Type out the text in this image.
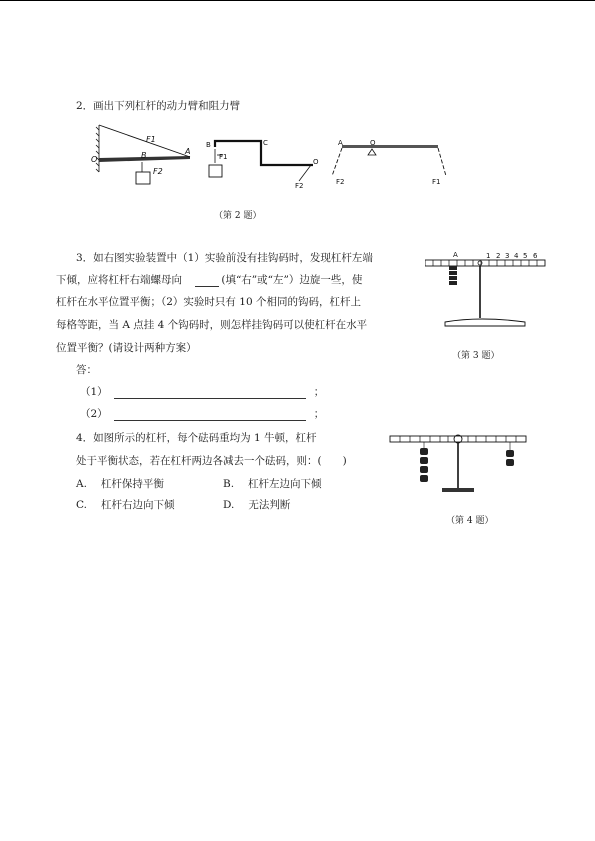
2．画出下列杠杆的动力臂和阻力臂
O
F1
A
B
F2
B
F1
C
O
F2
A	O
F2	F1
（第 2 题）
3．如右图实验装置中（1）实验前没有挂钩码时，发现杠杆左端
下倾，应将杠杆右端螺母向	(填“右”或“左”）边旋一些，使
杠杆在水平位置平衡；（2）实验时只有 10 个相同的钩码，杠杆上
每格等距，当 A 点挂 4 个钩码时，则怎样挂钩码可以使杠杆在水平
位置平衡？(请设计两种方案）
答：
（1）	；
（2）	；
A	1 2 3 4 5 6
（第 3 题）
4．如图所示的杠杆，每个砝码重均为 1 牛顿，杠杆
处于平衡状态，若在杠杆两边各减去一个砝码，则：(　　)
A. 杠杆保持平衡	B. 杠杆左边向下倾
C. 杠杆右边向下倾	D. 无法判断
（第 4 题）
